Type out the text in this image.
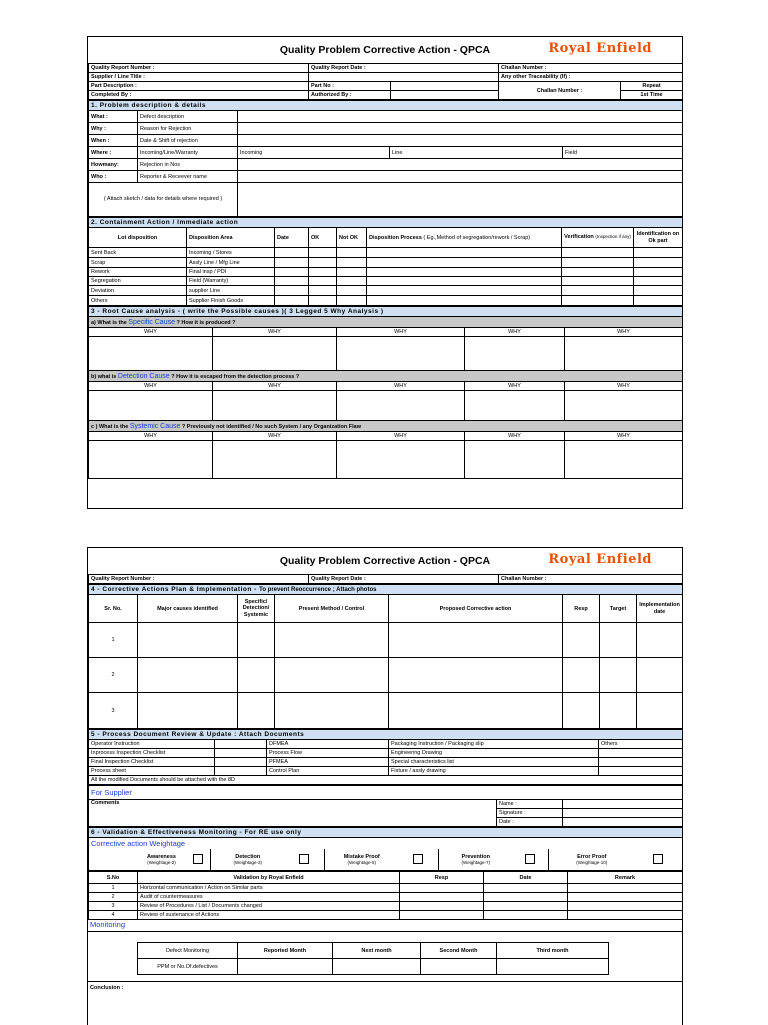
Quality Problem Corrective Action - QPCA	Royal Enfield
Quality Report Number :	Quality Report Date :		Challan Number :	
Supplier / Line Title :			Any other Traceability (If) :	
Part Description :	Part No :		Challan Number :	Repeat
Completed By :	Authorized By :			1st Time
1. Problem description & details				
What :	Defect description			
Why :	Reason for Rejection			
When :	Date & Shift of rejection			
Where :	Incoming/Line/Warranty	Incoming	Line	Field
Howmany:	Rejection in Nos			
Who :	Reporter & Receever name			
( Attach sketch / data for details where required )				
2. Containment Action / Immediate action							
Lot disposition	Disposition Area	Date	OK	Not OK	Disposition Process ( Eg.,Method of segregation/rework / Scrap)	Verification (Inspection if any)	Identification on Ok part
Sent Back	Incoming / Stores						
Scrap	Assly Line / Mfg Line						
Rework	Final insp / PDI						
Segregation	Field (Warranty)						
Deviation	supplier Line						
Others	Supplier Finish Goods						
3 - Root Cause analysis - ( write the Possible causes )( 3 Legged 5 Why Analysis )				
a) What is the Specific Cause ? How it is produced ?				
WHY	WHY	WHY	WHY	WHY

b) what is Detection Cause ? How it is escaped from the detection process ?				
WHY	WHY	WHY	WHY	WHY

c ) What is the Systemic Cause ? Previously not identified / No such System / any Organization Flaw				
WHY	WHY	WHY	WHY	WHY

Quality Problem Corrective Action - QPCA	Royal Enfield
Quality Report Number :	Quality Report Date :	Challan Number :
4 - Corrective Actions Plan & Implementation - To prevent Reoccurrence ; Attach photos							
Sr. No.	Major causes identified	Specific/ Detection/ Systemic	Present Method / Control	Proposed Corrective action	Resp	Target	Implementation date
1							
2							
3							
5 - Process Document Review & Update : Attach Documents				
Operator Instruction		DFMEA	Packaging Instruction / Packaging slip	Others
Inprocess Inspection Checklist		Process Flow	Engineering Drawing	
Final Inspection Checklist		PFMEA	Special characteristics list	
Process sheet		Control Plan	Fixture / assly drawing	
All the modified Documents should be attached with the 8D				
For Supplier		
Comments	Name :	
	Signature :	
	Date :	
6 - Validation & Effectiveness Monitoring - For RE use only
Corrective action Weightage

Awareness
(Weightage-2)

Detection
(Weightage-3)

Mistake Proof
(Weightage-5)

Prevention
(Weightage-7)

Error Proof
(Weightage-10)

S.No	Validation by Royal Enfield	Resp	Date	Remark
1	Horizontal communication / Action on Similar parts			
2	Audit of countermeasures			
3	Review of Procedures / List / Documents changed			
4	Review of sustenance of Actions			
Monitoring
Defect Monitoring	Reported Month	Next month	Second Month	Third month
PPM or No.Of.defectives				
Conclusion :
